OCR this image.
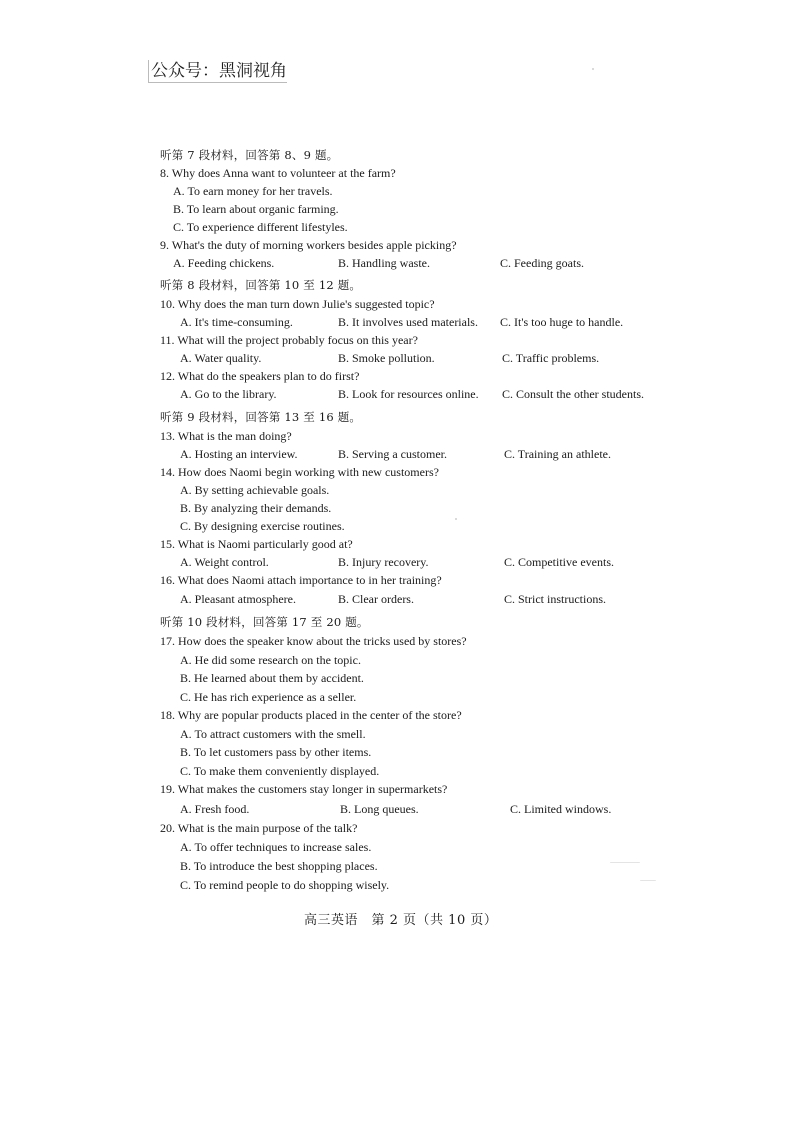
公众号：黑洞视角
听第 7 段材料，回答第 8、9 题。
8. Why does Anna want to volunteer at the farm?
A. To earn money for her travels.
B. To learn about organic farming.
C. To experience different lifestyles.
9. What's the duty of morning workers besides apple picking?
A. Feeding chickens.	B. Handling waste.	C. Feeding goats.
听第 8 段材料，回答第 10 至 12 题。
10. Why does the man turn down Julie's suggested topic?
A. It's time-consuming.	B. It involves used materials. C. It's too huge to handle.
11. What will the project probably focus on this year?
A. Water quality.	B. Smoke pollution.	C. Traffic problems.
12. What do the speakers plan to do first?
A. Go to the library.	B. Look for resources online. C. Consult the other students.
听第 9 段材料，回答第 13 至 16 题。
13. What is the man doing?
A. Hosting an interview.	B. Serving a customer.	C. Training an athlete.
14. How does Naomi begin working with new customers?
A. By setting achievable goals.
B. By analyzing their demands.
C. By designing exercise routines.
15. What is Naomi particularly good at?
A. Weight control.	B. Injury recovery.	C. Competitive events.
16. What does Naomi attach importance to in her training?
A. Pleasant atmosphere.	B. Clear orders.	C. Strict instructions.
听第 10 段材料，回答第 17 至 20 题。
17. How does the speaker know about the tricks used by stores?
A. He did some research on the topic.
B. He learned about them by accident.
C. He has rich experience as a seller.
18. Why are popular products placed in the center of the store?
A. To attract customers with the smell.
B. To let customers pass by other items.
C. To make them conveniently displayed.
19. What makes the customers stay longer in supermarkets?
A. Fresh food.	B. Long queues.	C. Limited windows.
20. What is the main purpose of the talk?
A. To offer techniques to increase sales.
B. To introduce the best shopping places.
C. To remind people to do shopping wisely.
高三英语　第 2 页（共 10 页）
